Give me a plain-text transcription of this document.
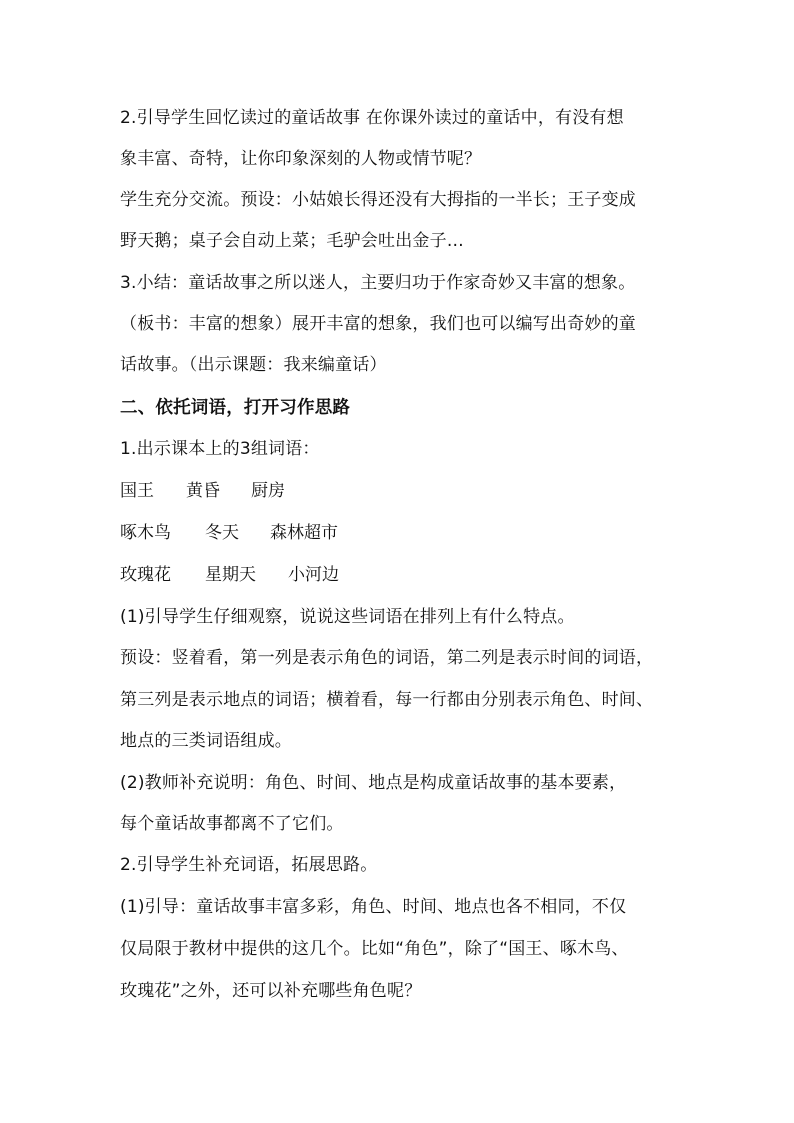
2.引导学生回忆读过的童话故事 在你课外读过的童话中，有没有想
象丰富、奇特，让你印象深刻的人物或情节呢？
学生充分交流。预设：小姑娘长得还没有大拇指的一半长；王子变成
野天鹅；桌子会自动上菜；毛驴会吐出金子…
3.小结：童话故事之所以迷人，主要归功于作家奇妙又丰富的想象。
（板书：丰富的想象）展开丰富的想象，我们也可以编写出奇妙的童
话故事。（出示课题：我来编童话）
二、依托词语，打开习作思路
1.出示课本上的3组词语：
国王 黄昏 厨房
啄木鸟 冬天 森林超市
玫瑰花 星期天 小河边
(1)引导学生仔细观察，说说这些词语在排列上有什么特点。
预设：竖着看，第一列是表示角色的词语，第二列是表示时间的词语，
第三列是表示地点的词语；横着看，每一行都由分别表示角色、时间、
地点的三类词语组成。
(2)教师补充说明：角色、时间、地点是构成童话故事的基本要素，
每个童话故事都离不了它们。
2.引导学生补充词语，拓展思路。
(1)引导：童话故事丰富多彩，角色、时间、地点也各不相同，不仅
仅局限于教材中提供的这几个。比如“角色”，除了“国王、啄木鸟、
玫瑰花”之外，还可以补充哪些角色呢？
